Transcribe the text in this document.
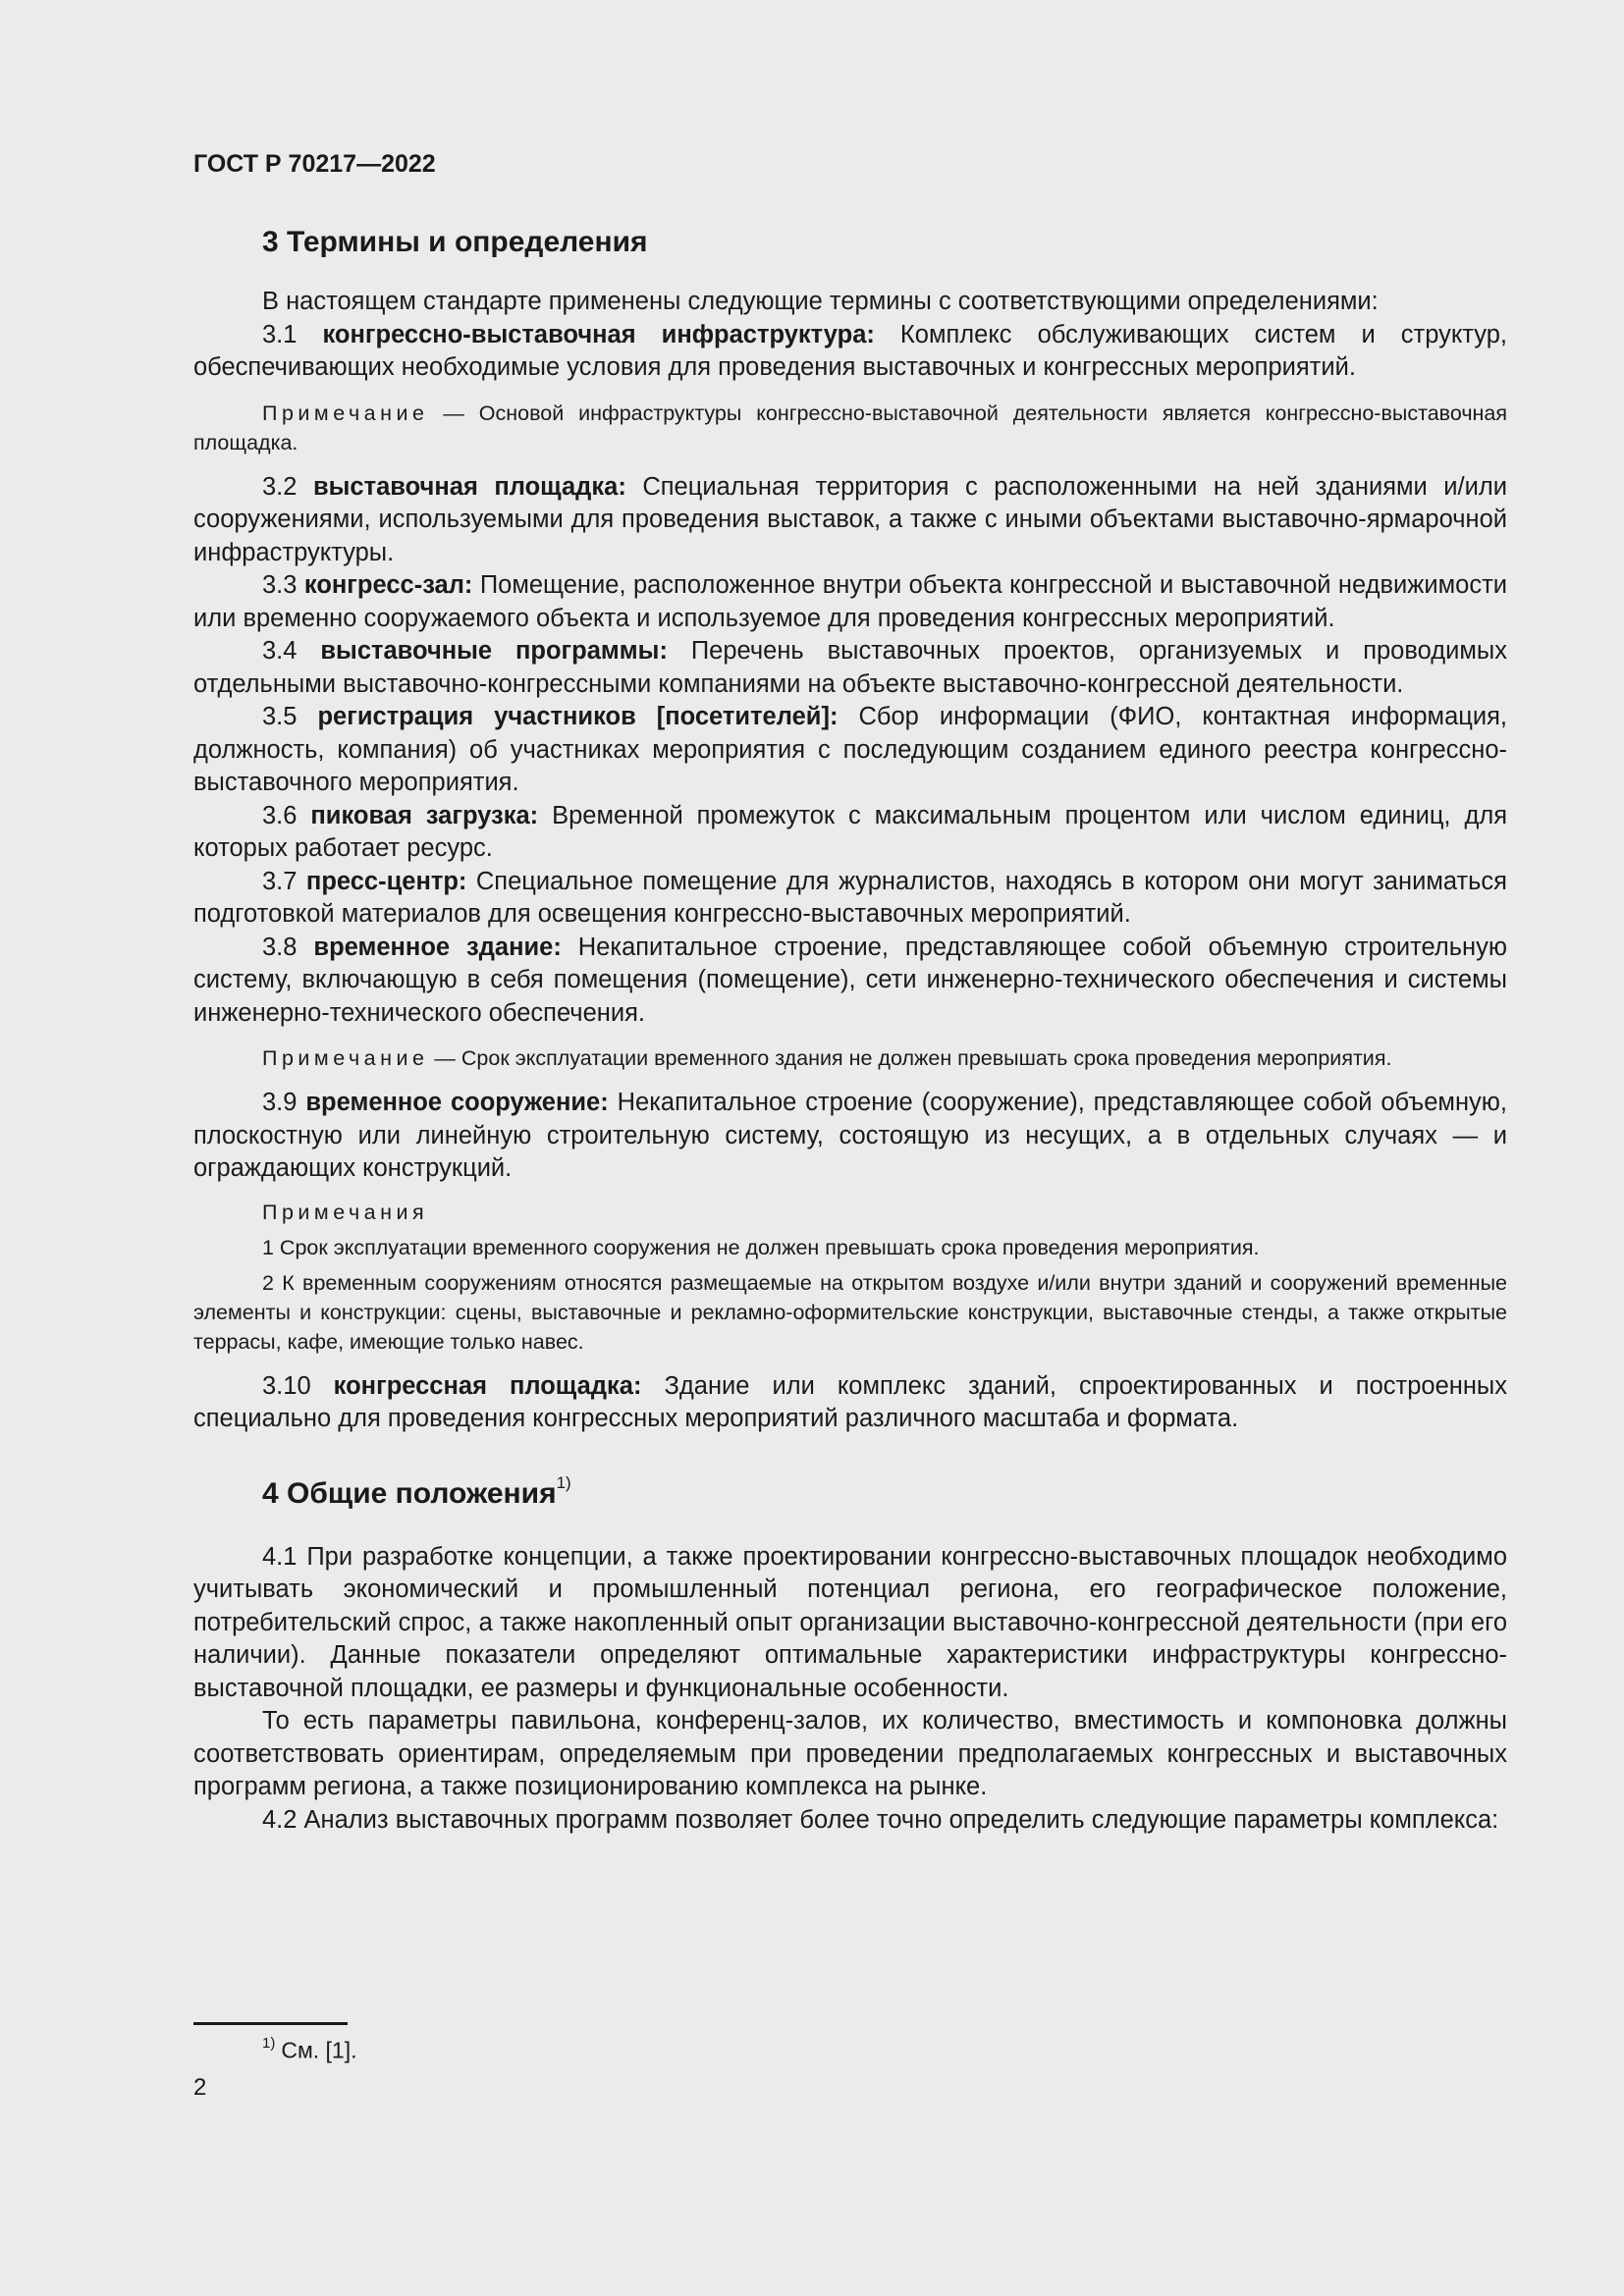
ГОСТ Р 70217—2022
3 Термины и определения

В настоящем стандарте применены следующие термины с соответствующими определениями:

3.1 конгрессно-выставочная инфраструктура: Комплекс обслуживающих систем и структур, обеспечивающих необходимые условия для проведения выставочных и конгрессных мероприятий.

Примечание — Основой инфраструктуры конгрессно-выставочной деятельности является конгрессно-выставочная площадка.

3.2 выставочная площадка: Специальная территория с расположенными на ней зданиями и/или сооружениями, используемыми для проведения выставок, а также с иными объектами выставочно-ярмарочной инфраструктуры.

3.3 конгресс-зал: Помещение, расположенное внутри объекта конгрессной и выставочной недвижимости или временно сооружаемого объекта и используемое для проведения конгрессных мероприятий.

3.4 выставочные программы: Перечень выставочных проектов, организуемых и проводимых отдельными выставочно-конгрессными компаниями на объекте выставочно-конгрессной деятельности.

3.5 регистрация участников [посетителей]: Сбор информации (ФИО, контактная информация, должность, компания) об участниках мероприятия с последующим созданием единого реестра конгрессно-выставочного мероприятия.

3.6 пиковая загрузка: Временной промежуток с максимальным процентом или числом единиц, для которых работает ресурс.

3.7 пресс-центр: Специальное помещение для журналистов, находясь в котором они могут заниматься подготовкой материалов для освещения конгрессно-выставочных мероприятий.

3.8 временное здание: Некапитальное строение, представляющее собой объемную строительную систему, включающую в себя помещения (помещение), сети инженерно-технического обеспечения и системы инженерно-технического обеспечения.

Примечание — Срок эксплуатации временного здания не должен превышать срока проведения мероприятия.

3.9 временное сооружение: Некапитальное строение (сооружение), представляющее собой объемную, плоскостную или линейную строительную систему, состоящую из несущих, а в отдельных случаях — и ограждающих конструкций.

Примечания

1 Срок эксплуатации временного сооружения не должен превышать срока проведения мероприятия.

2 К временным сооружениям относятся размещаемые на открытом воздухе и/или внутри зданий и сооружений временные элементы и конструкции: сцены, выставочные и рекламно-оформительские конструкции, выставочные стенды, а также открытые террасы, кафе, имеющие только навес.

3.10 конгрессная площадка: Здание или комплекс зданий, спроектированных и построенных специально для проведения конгрессных мероприятий различного масштаба и формата.

4 Общие положения$^{1)}$

4.1 При разработке концепции, а также проектировании конгрессно-выставочных площадок необходимо учитывать экономический и промышленный потенциал региона, его географическое положение, потребительский спрос, а также накопленный опыт организации выставочно-конгрессной деятельности (при его наличии). Данные показатели определяют оптимальные характеристики инфраструктуры конгрессно-выставочной площадки, ее размеры и функциональные особенности.

То есть параметры павильона, конференц-залов, их количество, вместимость и компоновка должны соответствовать ориентирам, определяемым при проведении предполагаемых конгрессных и выставочных программ региона, а также позиционированию комплекса на рынке.

4.2 Анализ выставочных программ позволяет более точно определить следующие параметры комплекса:

$^{1)}$ См. [1].
2
